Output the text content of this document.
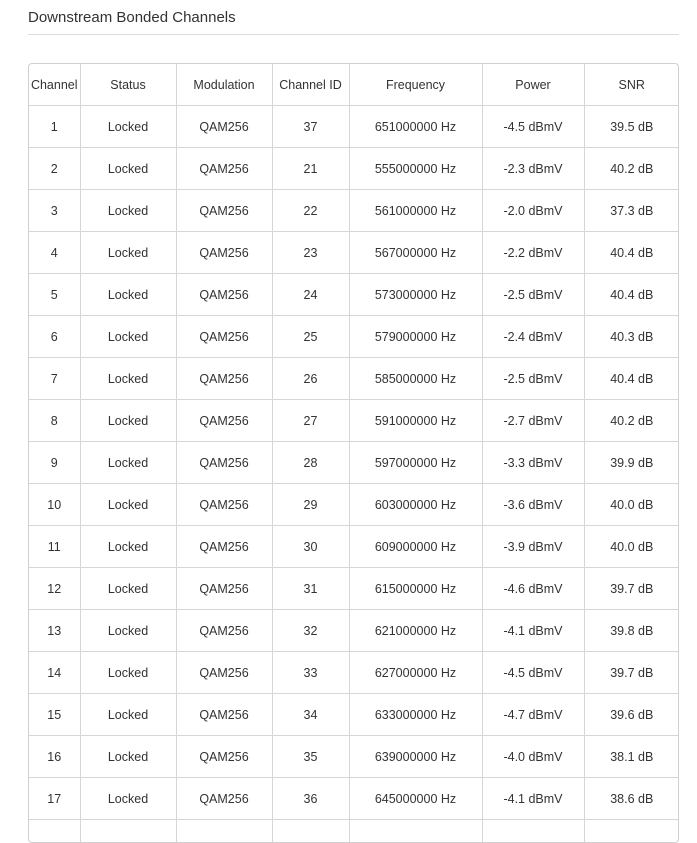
Downstream Bonded Channels
Channel	Status	Modulation	Channel ID	Frequency	Power	SNR
1	Locked	QAM256	37	651000000 Hz	-4.5 dBmV	39.5 dB
2	Locked	QAM256	21	555000000 Hz	-2.3 dBmV	40.2 dB
3	Locked	QAM256	22	561000000 Hz	-2.0 dBmV	37.3 dB
4	Locked	QAM256	23	567000000 Hz	-2.2 dBmV	40.4 dB
5	Locked	QAM256	24	573000000 Hz	-2.5 dBmV	40.4 dB
6	Locked	QAM256	25	579000000 Hz	-2.4 dBmV	40.3 dB
7	Locked	QAM256	26	585000000 Hz	-2.5 dBmV	40.4 dB
8	Locked	QAM256	27	591000000 Hz	-2.7 dBmV	40.2 dB
9	Locked	QAM256	28	597000000 Hz	-3.3 dBmV	39.9 dB
10	Locked	QAM256	29	603000000 Hz	-3.6 dBmV	40.0 dB
11	Locked	QAM256	30	609000000 Hz	-3.9 dBmV	40.0 dB
12	Locked	QAM256	31	615000000 Hz	-4.6 dBmV	39.7 dB
13	Locked	QAM256	32	621000000 Hz	-4.1 dBmV	39.8 dB
14	Locked	QAM256	33	627000000 Hz	-4.5 dBmV	39.7 dB
15	Locked	QAM256	34	633000000 Hz	-4.7 dBmV	39.6 dB
16	Locked	QAM256	35	639000000 Hz	-4.0 dBmV	38.1 dB
17	Locked	QAM256	36	645000000 Hz	-4.1 dBmV	38.6 dB
